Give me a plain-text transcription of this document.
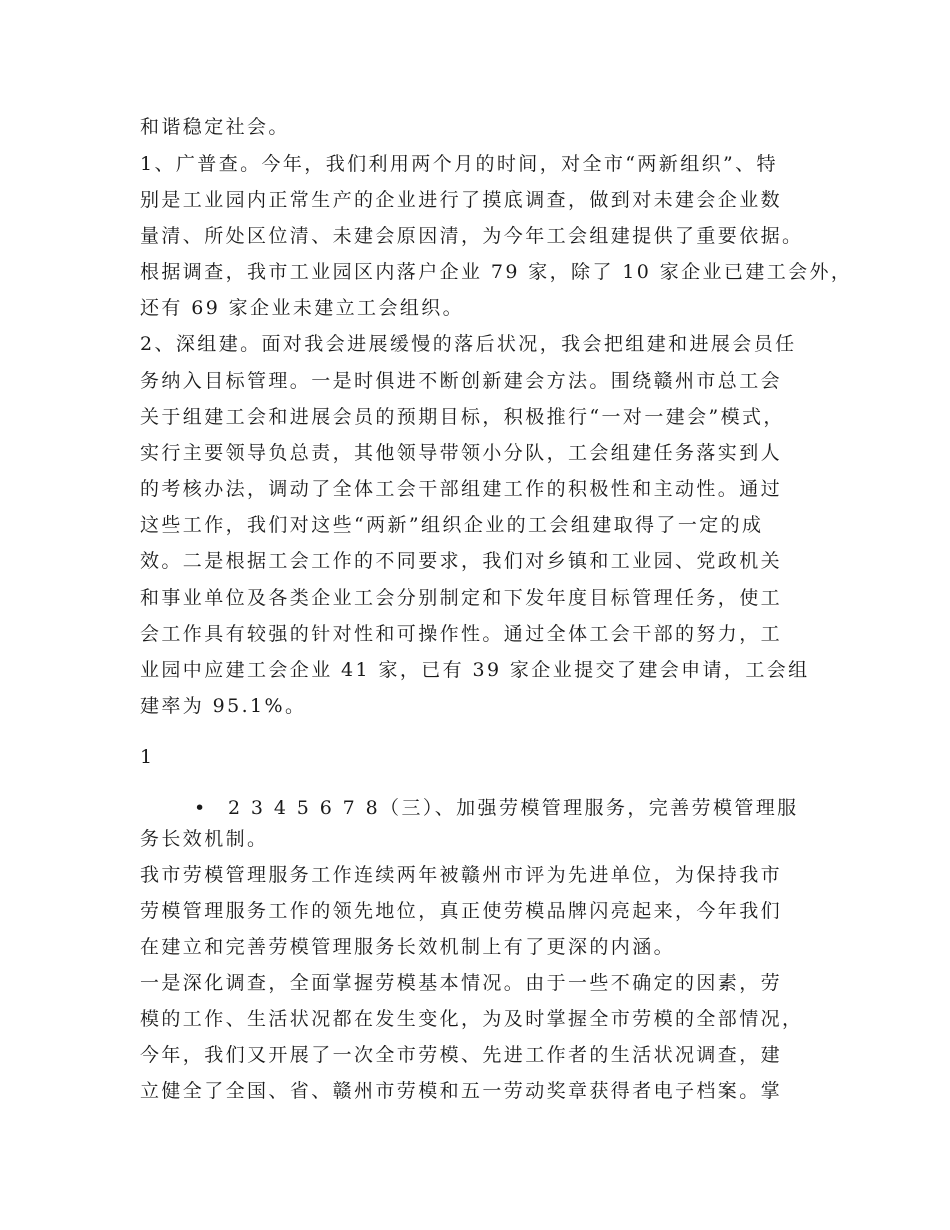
和谐稳定社会。
1、广普查。今年，我们利用两个月的时间，对全市“两新组织”、特
别是工业园内正常生产的企业进行了摸底调查，做到对未建会企业数
量清、所处区位清、未建会原因清，为今年工会组建提供了重要依据。
根据调查，我市工业园区内落户企业 79 家，除了 10 家企业已建工会外，
还有 69 家企业未建立工会组织。
2、深组建。面对我会进展缓慢的落后状况，我会把组建和进展会员任
务纳入目标管理。一是时俱进不断创新建会方法。围绕赣州市总工会
关于组建工会和进展会员的预期目标，积极推行“一对一建会”模式，
实行主要领导负总责，其他领导带领小分队，工会组建任务落实到人
的考核办法，调动了全体工会干部组建工作的积极性和主动性。通过
这些工作，我们对这些“两新”组织企业的工会组建取得了一定的成
效。二是根据工会工作的不同要求，我们对乡镇和工业园、党政机关
和事业单位及各类企业工会分别制定和下发年度目标管理任务，使工
会工作具有较强的针对性和可操作性。通过全体工会干部的努力，工
业园中应建工会企业 41 家，已有 39 家企业提交了建会申请，工会组
建率为 95.1%。
1
• 2 3 4 5 6 7 8（三）、加强劳模管理服务，完善劳模管理服
务长效机制。
我市劳模管理服务工作连续两年被赣州市评为先进单位，为保持我市
劳模管理服务工作的领先地位，真正使劳模品牌闪亮起来，今年我们
在建立和完善劳模管理服务长效机制上有了更深的内涵。
一是深化调查，全面掌握劳模基本情况。由于一些不确定的因素，劳
模的工作、生活状况都在发生变化，为及时掌握全市劳模的全部情况，
今年，我们又开展了一次全市劳模、先进工作者的生活状况调查，建
立健全了全国、省、赣州市劳模和五一劳动奖章获得者电子档案。掌
